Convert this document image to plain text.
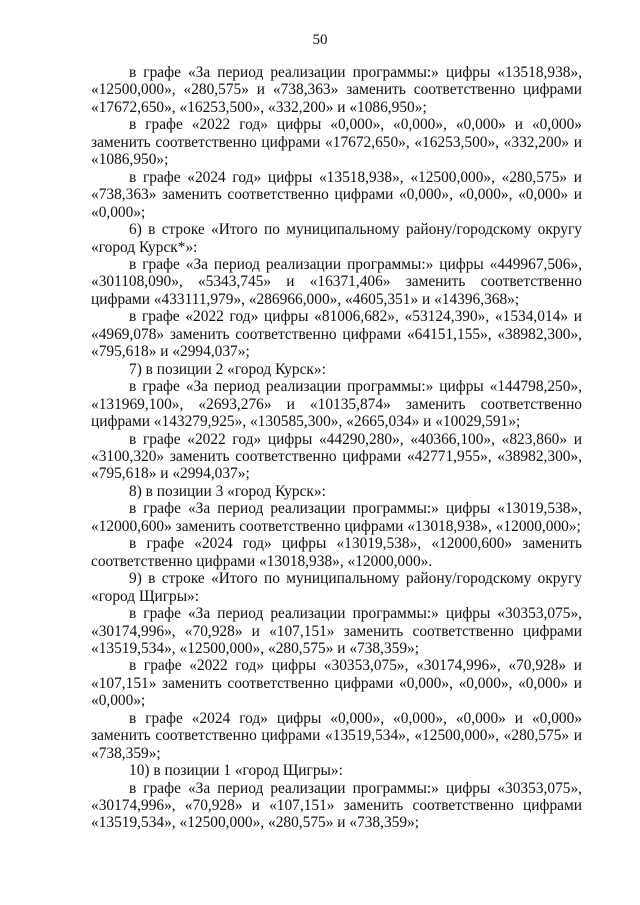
50

в графе «За период реализации программы:» цифры «13518,938», «12500,000», «280,575» и «738,363» заменить соответственно цифрами «17672,650», «16253,500», «332,200» и «1086,950»;

в графе «2022 год» цифры «0,000», «0,000», «0,000» и «0,000» заменить соответственно цифрами «17672,650», «16253,500», «332,200» и «1086,950»;

в графе «2024 год» цифры «13518,938», «12500,000», «280,575» и «738,363» заменить соответственно цифрами «0,000», «0,000», «0,000» и «0,000»;

6) в строке «Итого по муниципальному району/городскому округу «город Курск*»:

в графе «За период реализации программы:» цифры «449967,506», «301108,090», «5343,745» и «16371,406» заменить соответственно цифрами «433111,979», «286966,000», «4605,351» и «14396,368»;

в графе «2022 год» цифры «81006,682», «53124,390», «1534,014» и «4969,078» заменить соответственно цифрами «64151,155», «38982,300», «795,618» и «2994,037»;

7) в позиции 2 «город Курск»:

в графе «За период реализации программы:» цифры «144798,250», «131969,100», «2693,276» и «10135,874» заменить соответственно цифрами «143279,925», «130585,300», «2665,034» и «10029,591»;

в графе «2022 год» цифры «44290,280», «40366,100», «823,860» и «3100,320» заменить соответственно цифрами «42771,955», «38982,300», «795,618» и «2994,037»;

8) в позиции 3 «город Курск»:

в графе «За период реализации программы:» цифры «13019,538», «12000,600» заменить соответственно цифрами «13018,938», «12000,000»;

в графе «2024 год» цифры «13019,538», «12000,600» заменить соответственно цифрами «13018,938», «12000,000».

9) в строке «Итого по муниципальному району/городскому округу «город Щигры»:

в графе «За период реализации программы:» цифры «30353,075», «30174,996», «70,928» и «107,151» заменить соответственно цифрами «13519,534», «12500,000», «280,575» и «738,359»;

в графе «2022 год» цифры «30353,075», «30174,996», «70,928» и «107,151» заменить соответственно цифрами «0,000», «0,000», «0,000» и «0,000»;

в графе «2024 год» цифры «0,000», «0,000», «0,000» и «0,000» заменить соответственно цифрами «13519,534», «12500,000», «280,575» и «738,359»;

10) в позиции 1 «город Щигры»:

в графе «За период реализации программы:» цифры «30353,075», «30174,996», «70,928» и «107,151» заменить соответственно цифрами «13519,534», «12500,000», «280,575» и «738,359»;
